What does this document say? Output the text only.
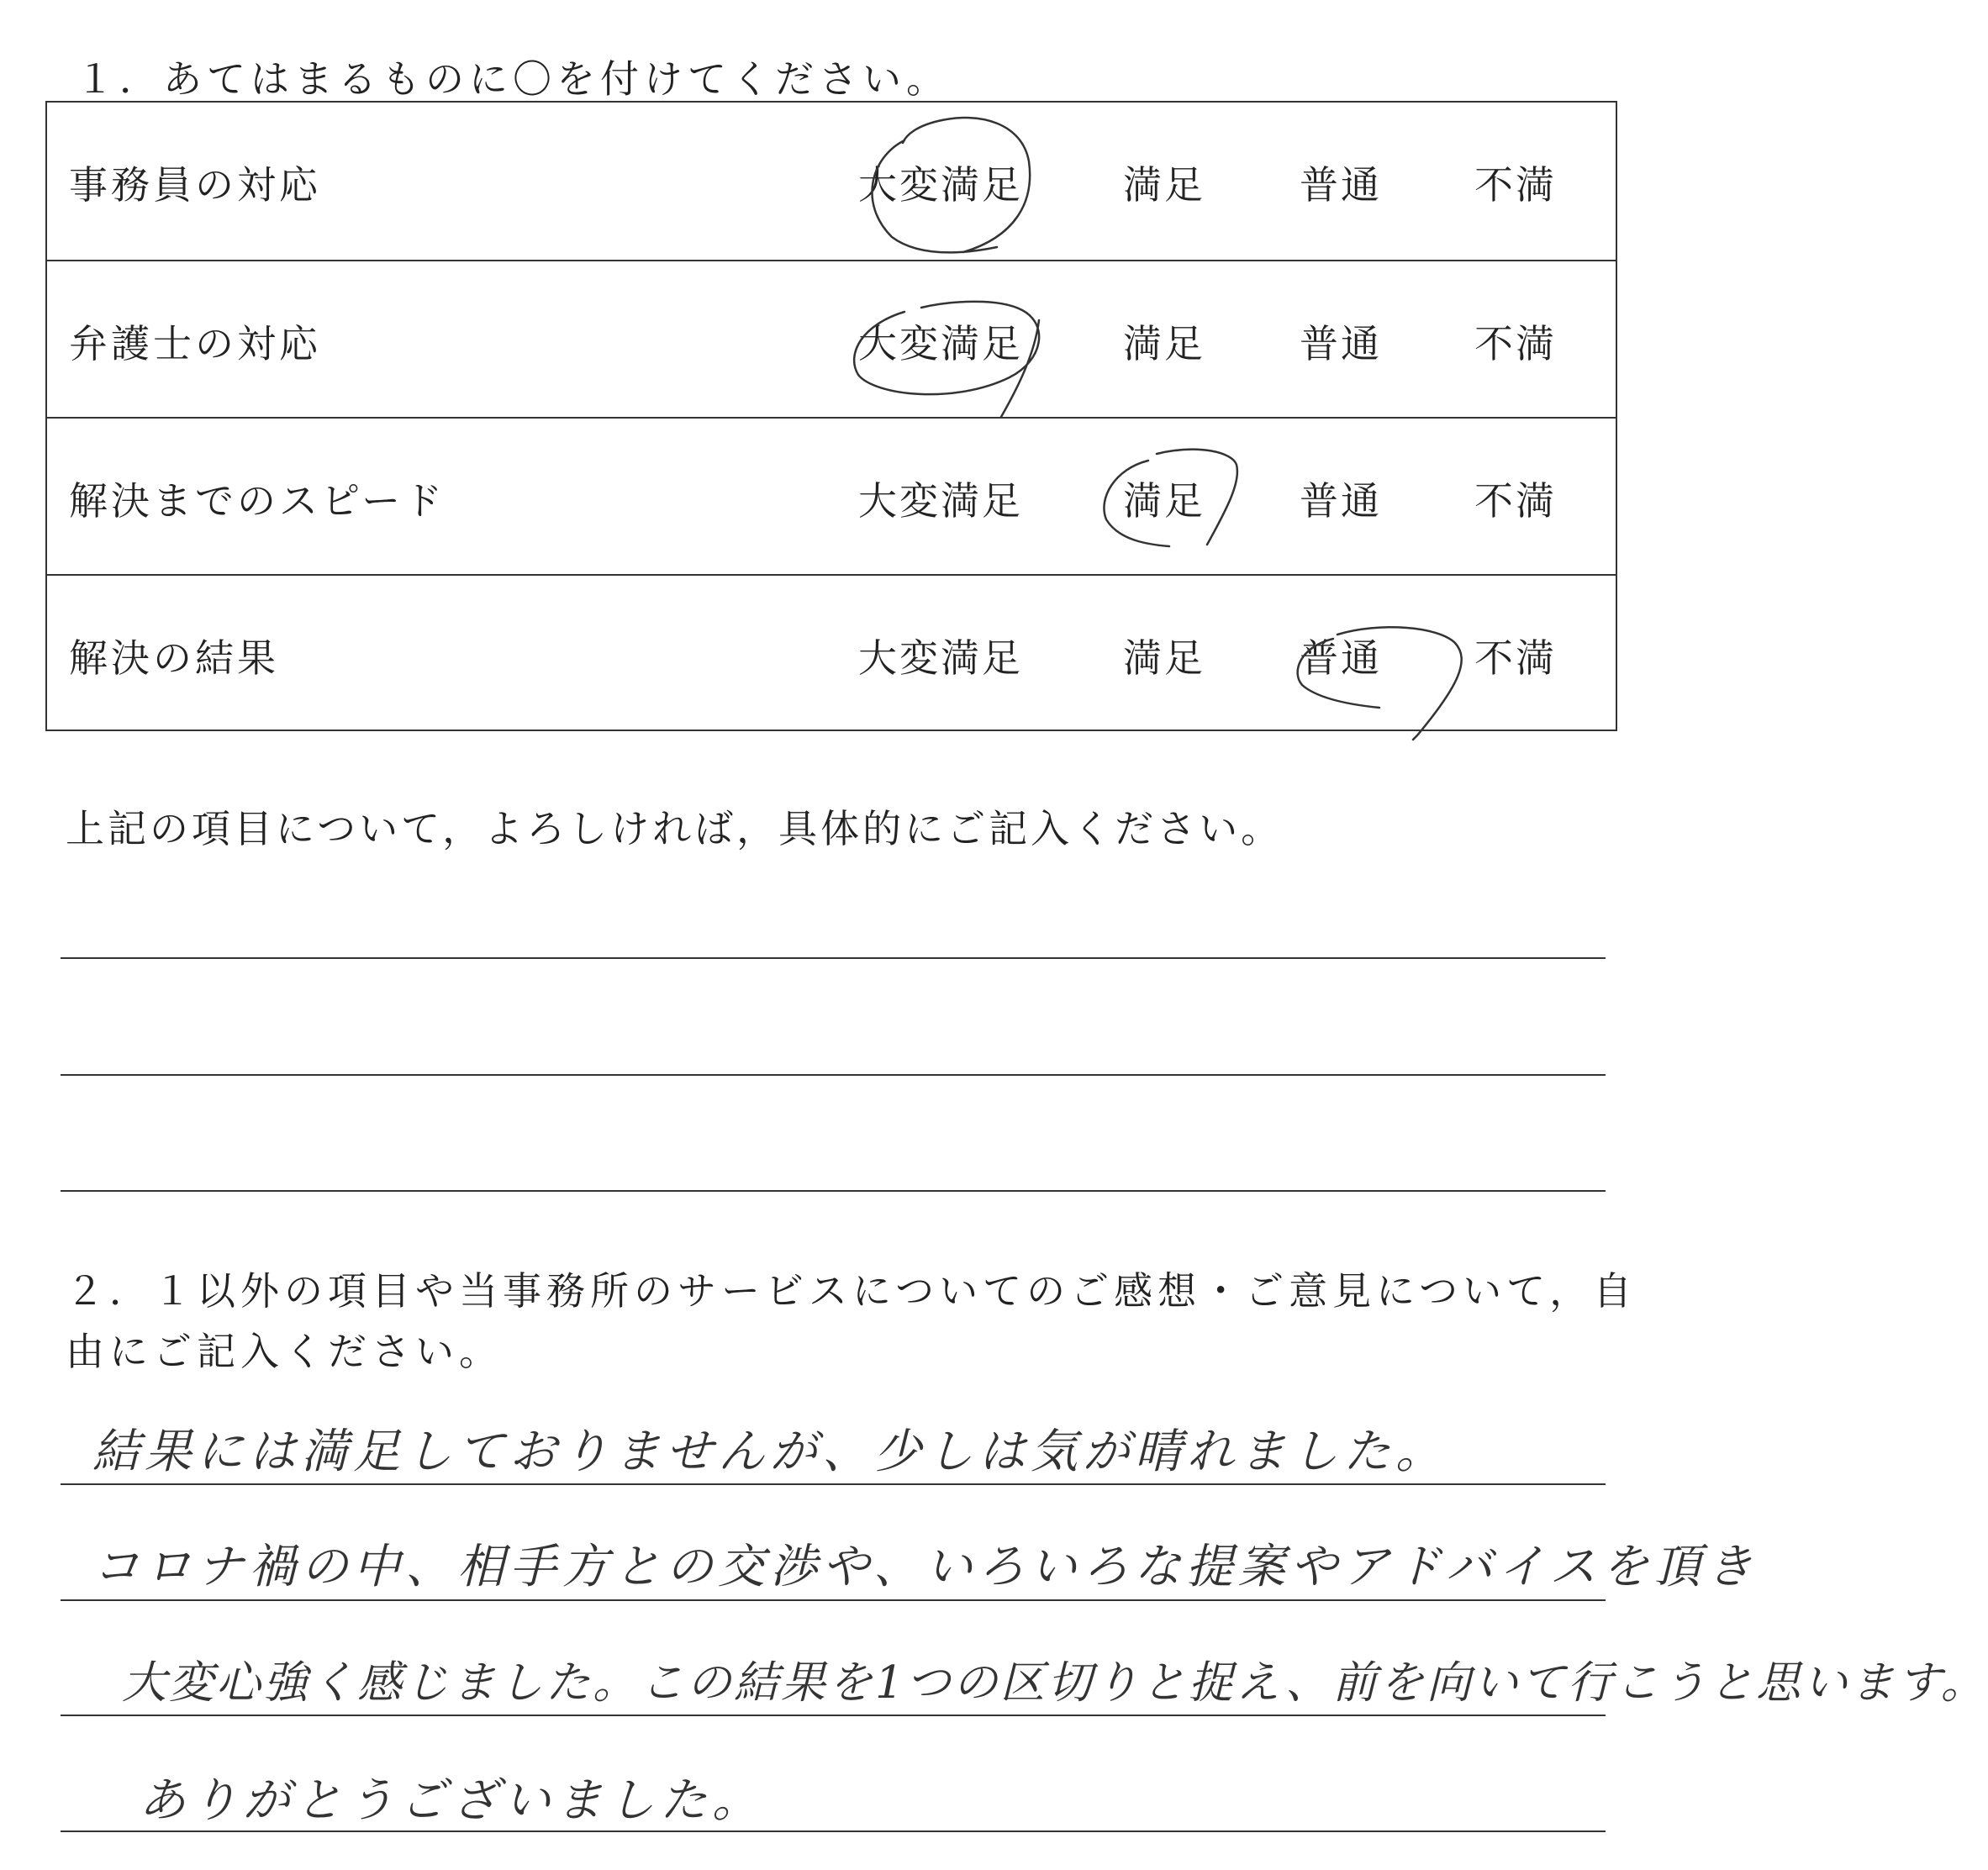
１．あてはまるものに〇を付けてください。
事務員の対応	大変満足	満足 普通 不満
弁護士の対応	大変満足	満足 普通 不満
解決までのスピード	大変満足	満足 普通 不満
解決の結果	大変満足	満足 普通 不満
上記の項目について，よろしければ，具体的にご記入ください。
２．１以外の項目や当事務所のサービスについてのご感想・ご意見について，自由にご記入ください。
結果には満足しておりませんが、少しは気が晴れました。
コロナ禍の中、相手方との交渉や、いろいろな提案やアドバイスを頂き
大変心強く感じました。この結果を1つの区切りと捉え、前を向いて行こうと思います。
ありがとうございました。
